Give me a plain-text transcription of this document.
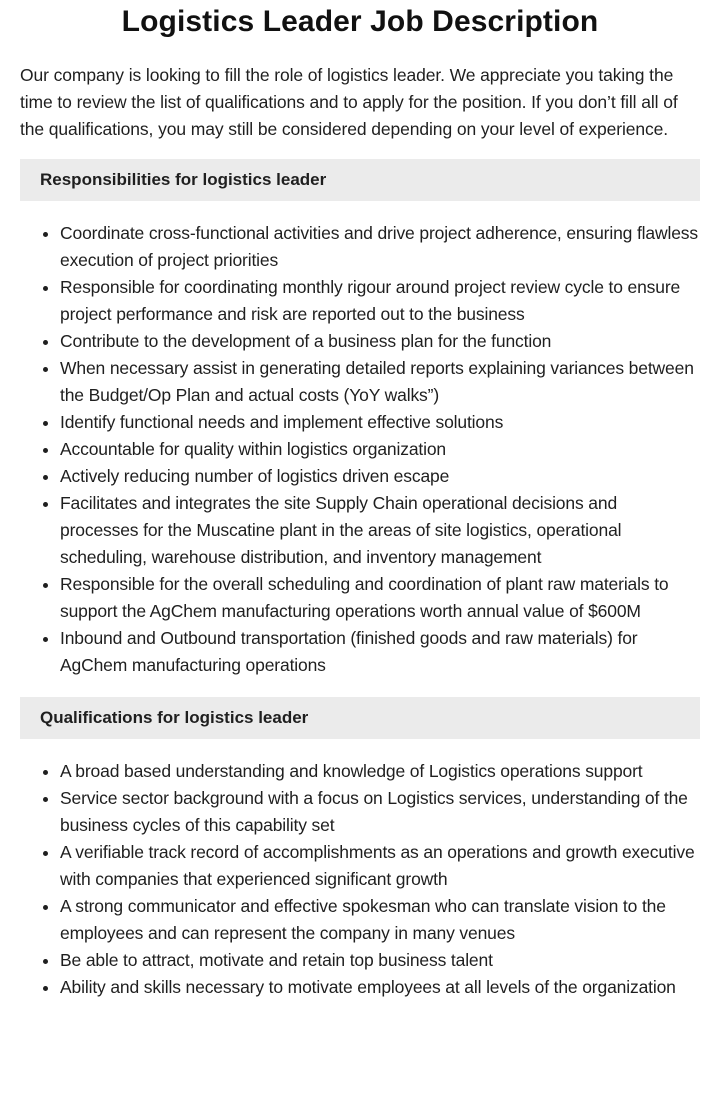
Logistics Leader Job Description

Our company is looking to fill the role of logistics leader. We appreciate you taking the time to review the list of qualifications and to apply for the position. If you don’t fill all of the qualifications, you may still be considered depending on your level of experience.

Responsibilities for logistics leader
Coordinate cross-functional activities and drive project adherence, ensuring flawless execution of project priorities
Responsible for coordinating monthly rigour around project review cycle to ensure project performance and risk are reported out to the business
Contribute to the development of a business plan for the function
When necessary assist in generating detailed reports explaining variances between the Budget/Op Plan and actual costs (YoY walks”)
Identify functional needs and implement effective solutions
Accountable for quality within logistics organization
Actively reducing number of logistics driven escape
Facilitates and integrates the site Supply Chain operational decisions and processes for the Muscatine plant in the areas of site logistics, operational scheduling, warehouse distribution, and inventory management
Responsible for the overall scheduling and coordination of plant raw materials to support the AgChem manufacturing operations worth annual value of $600M
Inbound and Outbound transportation (finished goods and raw materials) for AgChem manufacturing operations
Qualifications for logistics leader
A broad based understanding and knowledge of Logistics operations support
Service sector background with a focus on Logistics services, understanding of the business cycles of this capability set
A verifiable track record of accomplishments as an operations and growth executive with companies that experienced significant growth
A strong communicator and effective spokesman who can translate vision to the employees and can represent the company in many venues
Be able to attract, motivate and retain top business talent
Ability and skills necessary to motivate employees at all levels of the organization
